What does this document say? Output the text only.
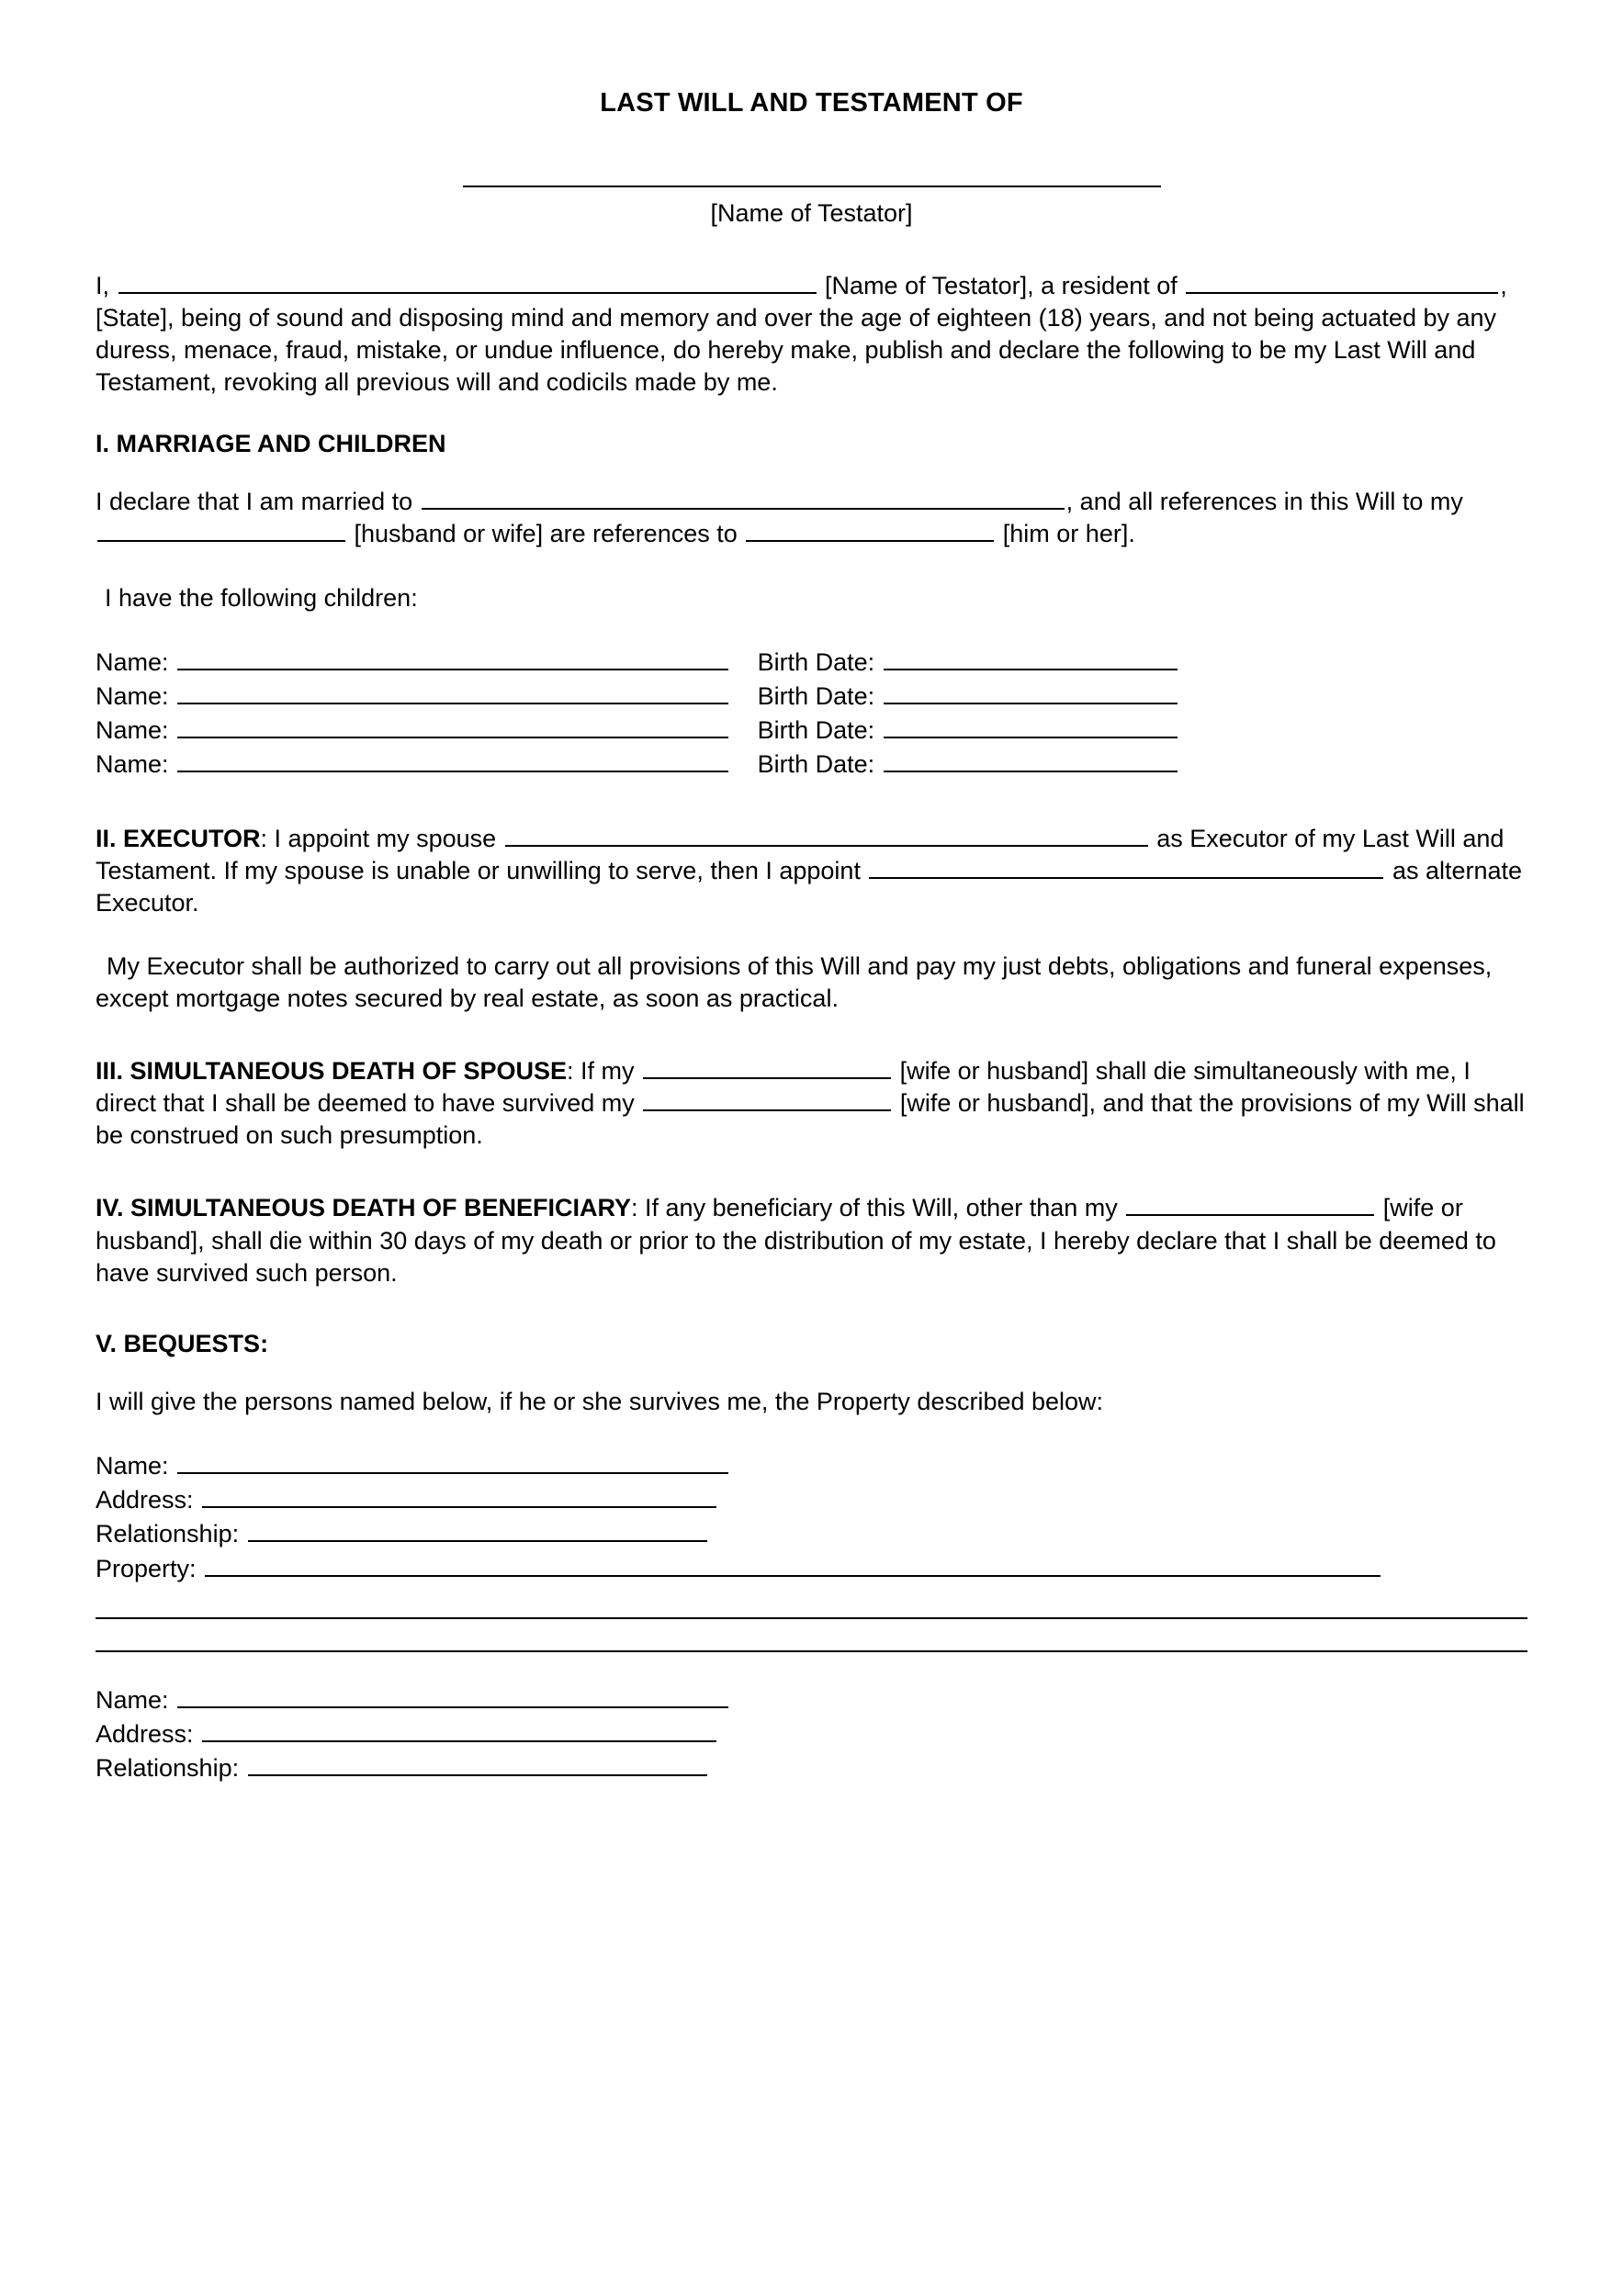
LAST WILL AND TESTAMENT OF
[Name of Testator]

I,	[Name of Testator], a resident of	, [State], being of sound and disposing mind and memory and over the age of eighteen (18) years, and not being actuated by any duress, menace, fraud, mistake, or undue influence, do hereby make, publish and declare the following to be my Last Will and Testament, revoking all previous will and codicils made by me.

I. MARRIAGE AND CHILDREN

I declare that I am married to	, and all references in this Will to my  [husband or wife] are references to	[him or her].

I have the following children:

Name:	Birth Date:
Name:	Birth Date:
Name:	Birth Date:
Name:	Birth Date:

II. EXECUTOR: I appoint my spouse	as Executor of my Last Will and Testament. If my spouse is unable or unwilling to serve, then I appoint	as alternate Executor.

My Executor shall be authorized to carry out all provisions of this Will and pay my just debts, obligations and funeral expenses, except mortgage notes secured by real estate, as soon as practical.

III. SIMULTANEOUS DEATH OF SPOUSE: If my	[wife or husband] shall die simultaneously with me, I direct that I shall be deemed to have survived my	[wife or husband], and that the provisions of my Will shall be construed on such presumption.

IV. SIMULTANEOUS DEATH OF BENEFICIARY: If any beneficiary of this Will, other than my	[wife or husband], shall die within 30 days of my death or prior to the distribution of my estate, I hereby declare that I shall be deemed to have survived such person.

V. BEQUESTS:

I will give the persons named below, if he or she survives me, the Property described below:

Name:
Address:
Relationship:
Property:
Name:
Address:
Relationship:
